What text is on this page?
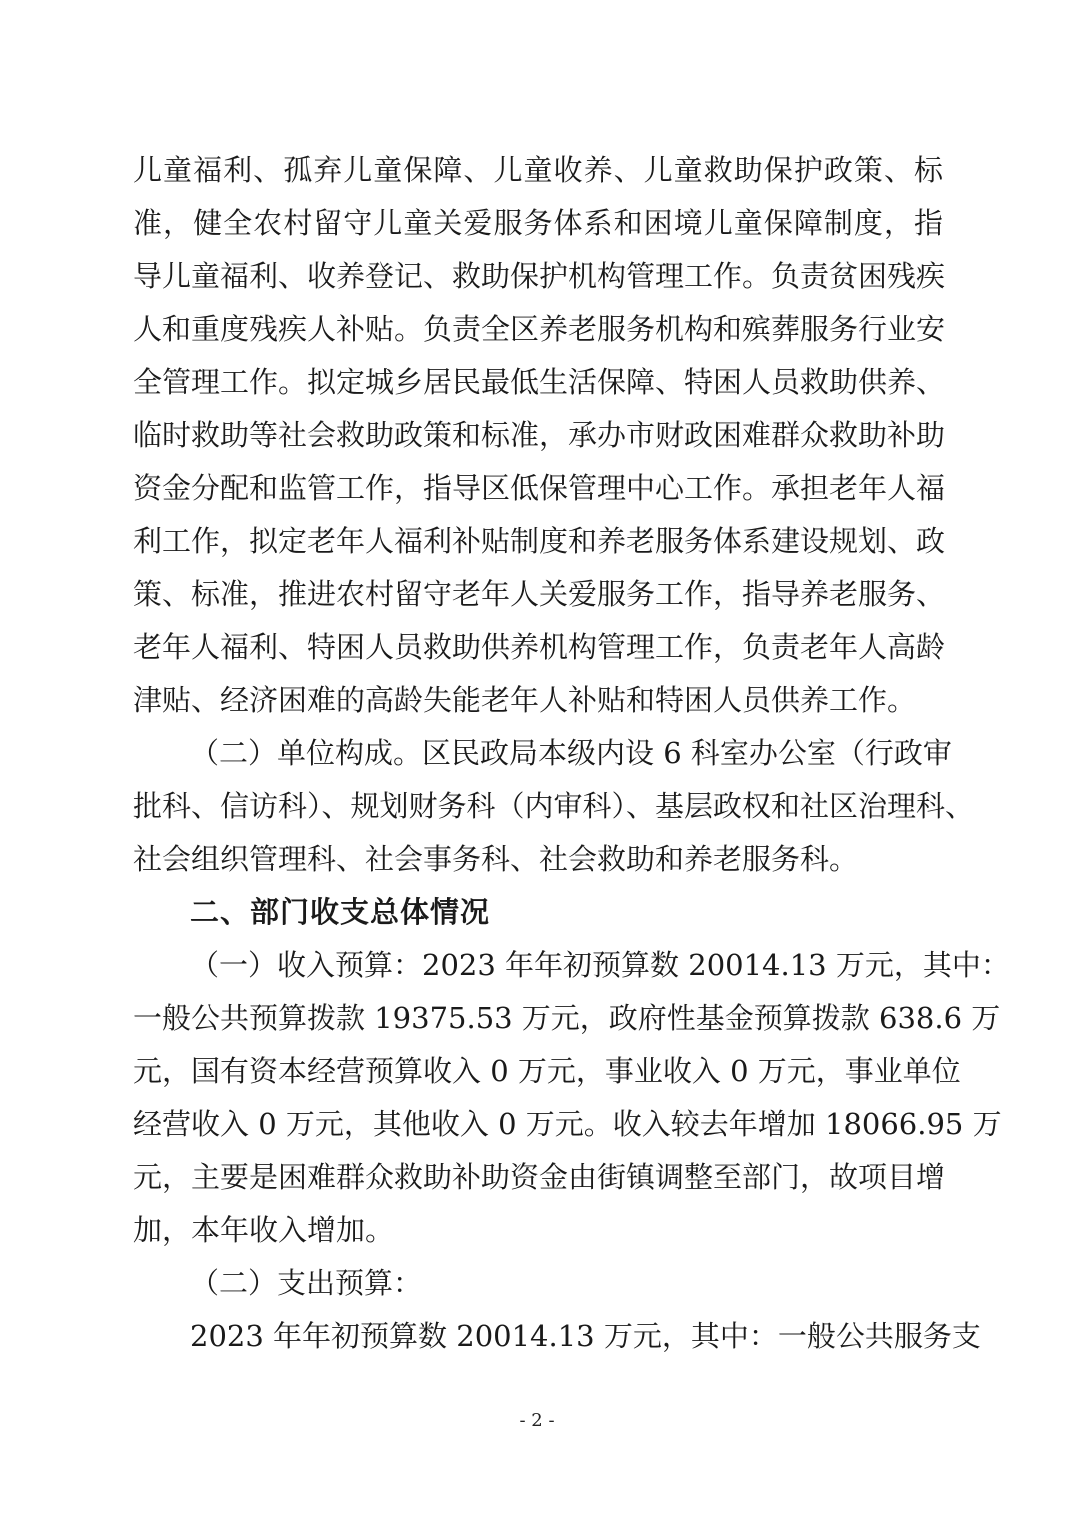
儿童福利、孤弃儿童保障、儿童收养、儿童救助保护政策、标
准，健全农村留守儿童关爱服务体系和困境儿童保障制度，指
导儿童福利、收养登记、救助保护机构管理工作。负责贫困残疾
人和重度残疾人补贴。负责全区养老服务机构和殡葬服务行业安
全管理工作。拟定城乡居民最低生活保障、特困人员救助供养、
临时救助等社会救助政策和标准，承办市财政困难群众救助补助
资金分配和监管工作，指导区低保管理中心工作。承担老年人福
利工作，拟定老年人福利补贴制度和养老服务体系建设规划、政
策、标准，推进农村留守老年人关爱服务工作，指导养老服务、
老年人福利、特困人员救助供养机构管理工作，负责老年人高龄
津贴、经济困难的高龄失能老年人补贴和特困人员供养工作。
（二）单位构成。区民政局本级内设 6 科室办公室（行政审
批科、信访科）、规划财务科（内审科）、基层政权和社区治理科、
社会组织管理科、社会事务科、社会救助和养老服务科。
二、部门收支总体情况
（一）收入预算：2023 年年初预算数 20014.13 万元，其中：
一般公共预算拨款 19375.53 万元，政府性基金预算拨款 638.6 万
元，国有资本经营预算收入 0 万元，事业收入 0 万元，事业单位
经营收入 0 万元，其他收入 0 万元。收入较去年增加 18066.95 万
元，主要是困难群众救助补助资金由街镇调整至部门，故项目增
加，本年收入增加。
（二）支出预算：
2023 年年初预算数 20014.13 万元，其中：一般公共服务支
- 2 -
